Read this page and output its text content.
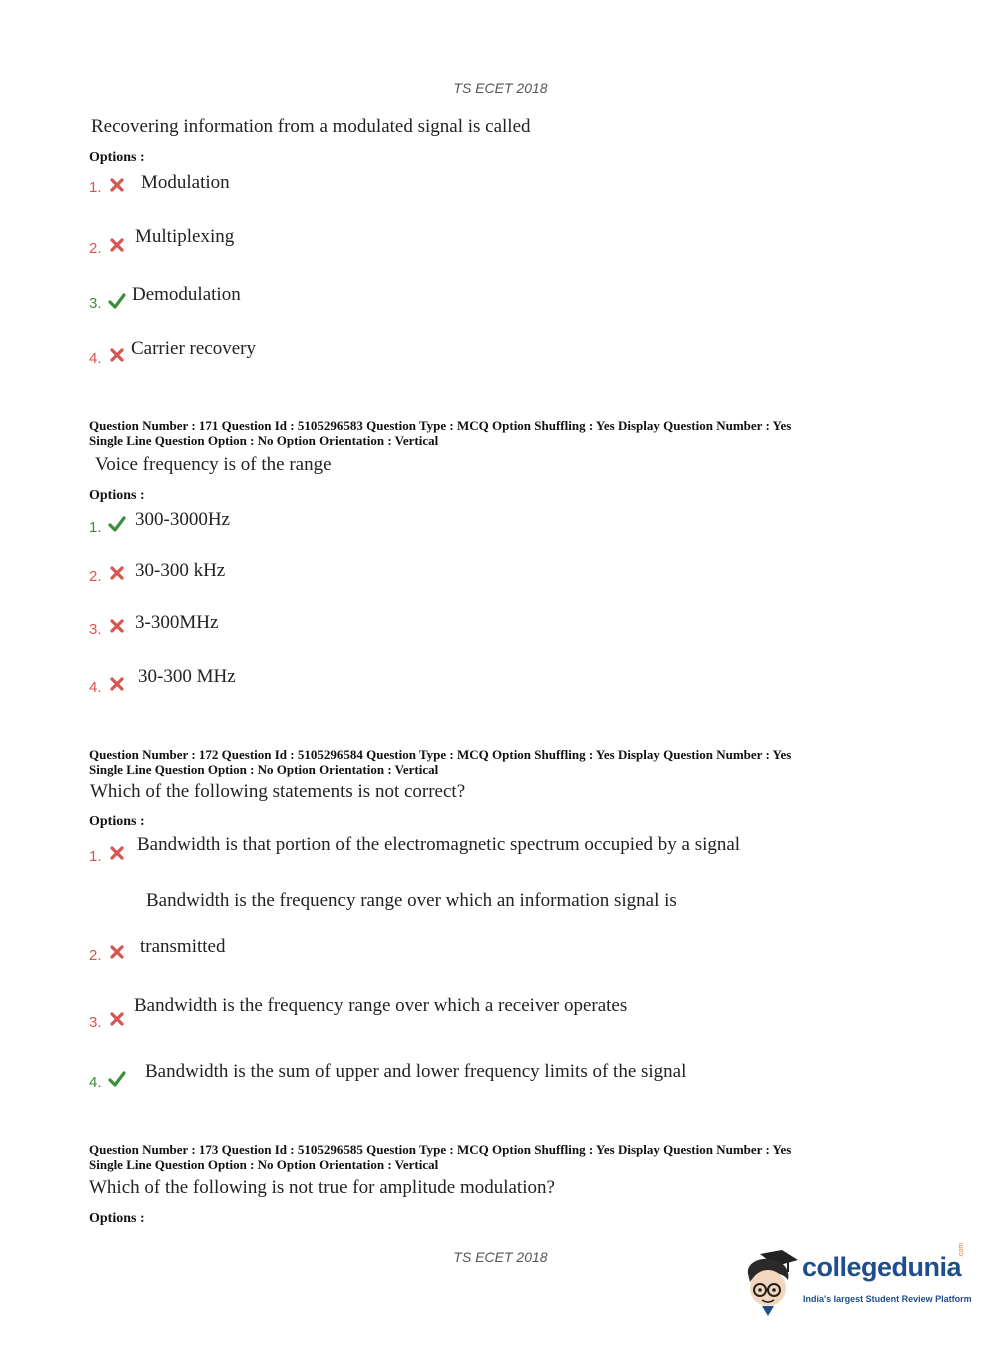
TS ECET 2018
Recovering information from a modulated signal is called
Options :
1. Modulation
2.
Multiplexing
3. Demodulation
4. Carrier recovery
Question Number : 171 Question Id : 5105296583 Question Type : MCQ Option Shuffling : Yes Display Question Number : Yes
Single Line Question Option : No Option Orientation : Vertical
Voice frequency is of the range
Options :
1. 300-3000Hz
2. 30-300 kHz
3. 3-300MHz
4.
30-300 MHz
Question Number : 172 Question Id : 5105296584 Question Type : MCQ Option Shuffling : Yes Display Question Number : Yes
Single Line Question Option : No Option Orientation : Vertical
Which of the following statements is not correct?
Options :
1.
Bandwidth is that portion of the electromagnetic spectrum occupied by a signal
Bandwidth is the frequency range over which an information signal is
2. transmitted
3.
Bandwidth is the frequency range over which a receiver operates
4.
Bandwidth is the sum of upper and lower frequency limits of the signal
Question Number : 173 Question Id : 5105296585 Question Type : MCQ Option Shuffling : Yes Display Question Number : Yes
Single Line Question Option : No Option Orientation : Vertical
Which of the following is not true for amplitude modulation?
Options :
TS ECET 2018	collegedunia
.com
India's largest Student Review Platform
